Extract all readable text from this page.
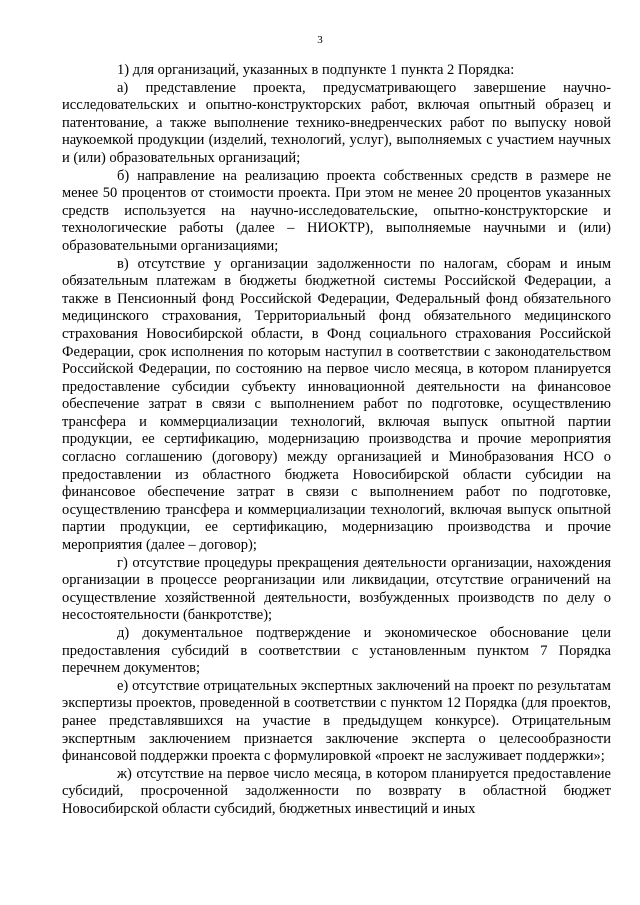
3

1) для организаций, указанных в подпункте 1 пункта 2 Порядка:

а) представление проекта, предусматривающего завершение научно-исследовательских и опытно-конструкторских работ, включая опытный образец и патентование, а также выполнение технико-внедренческих работ по выпуску новой наукоемкой продукции (изделий, технологий, услуг), выполняемых с участием научных и (или) образовательных организаций;

б) направление на реализацию проекта собственных средств в размере не менее 50 процентов от стоимости проекта. При этом не менее 20 процентов указанных средств используется на научно-исследовательские, опытно-конструкторские и технологические работы (далее – НИОКТР), выполняемые научными и (или) образовательными организациями;

в) отсутствие у организации задолженности по налогам, сборам и иным обязательным платежам в бюджеты бюджетной системы Российской Федерации, а также в Пенсионный фонд Российской Федерации, Федеральный фонд обязательного медицинского страхования, Территориальный фонд обязательного медицинского страхования Новосибирской области, в Фонд социального страхования Российской Федерации, срок исполнения по которым наступил в соответствии с законодательством Российской Федерации, по состоянию на первое число месяца, в котором планируется предоставление субсидии субъекту инновационной деятельности на финансовое обеспечение затрат в связи с выполнением работ по подготовке, осуществлению трансфера и коммерциализации технологий, включая выпуск опытной партии продукции, ее сертификацию, модернизацию производства и прочие мероприятия согласно соглашению (договору) между организацией и Минобразования НСО о предоставлении из областного бюджета Новосибирской области субсидии на финансовое обеспечение затрат в связи с выполнением работ по подготовке, осуществлению трансфера и коммерциализации технологий, включая выпуск опытной партии продукции, ее сертификацию, модернизацию производства и прочие мероприятия (далее – договор);

г) отсутствие процедуры прекращения деятельности организации, нахождения организации в процессе реорганизации или ликвидации, отсутствие ограничений на осуществление хозяйственной деятельности, возбужденных производств по делу о несостоятельности (банкротстве);

д) документальное подтверждение и экономическое обоснование цели предоставления субсидий в соответствии с установленным пунктом 7 Порядка перечнем документов;

е) отсутствие отрицательных экспертных заключений на проект по результатам экспертизы проектов, проведенной в соответствии с пунктом 12 Порядка (для проектов, ранее представлявшихся на участие в предыдущем конкурсе). Отрицательным экспертным заключением признается заключение эксперта о целесообразности финансовой поддержки проекта с формулировкой «проект не заслуживает поддержки»;

ж) отсутствие на первое число месяца, в котором планируется предоставление субсидий, просроченной задолженности по возврату в областной бюджет Новосибирской области субсидий, бюджетных инвестиций и иных
